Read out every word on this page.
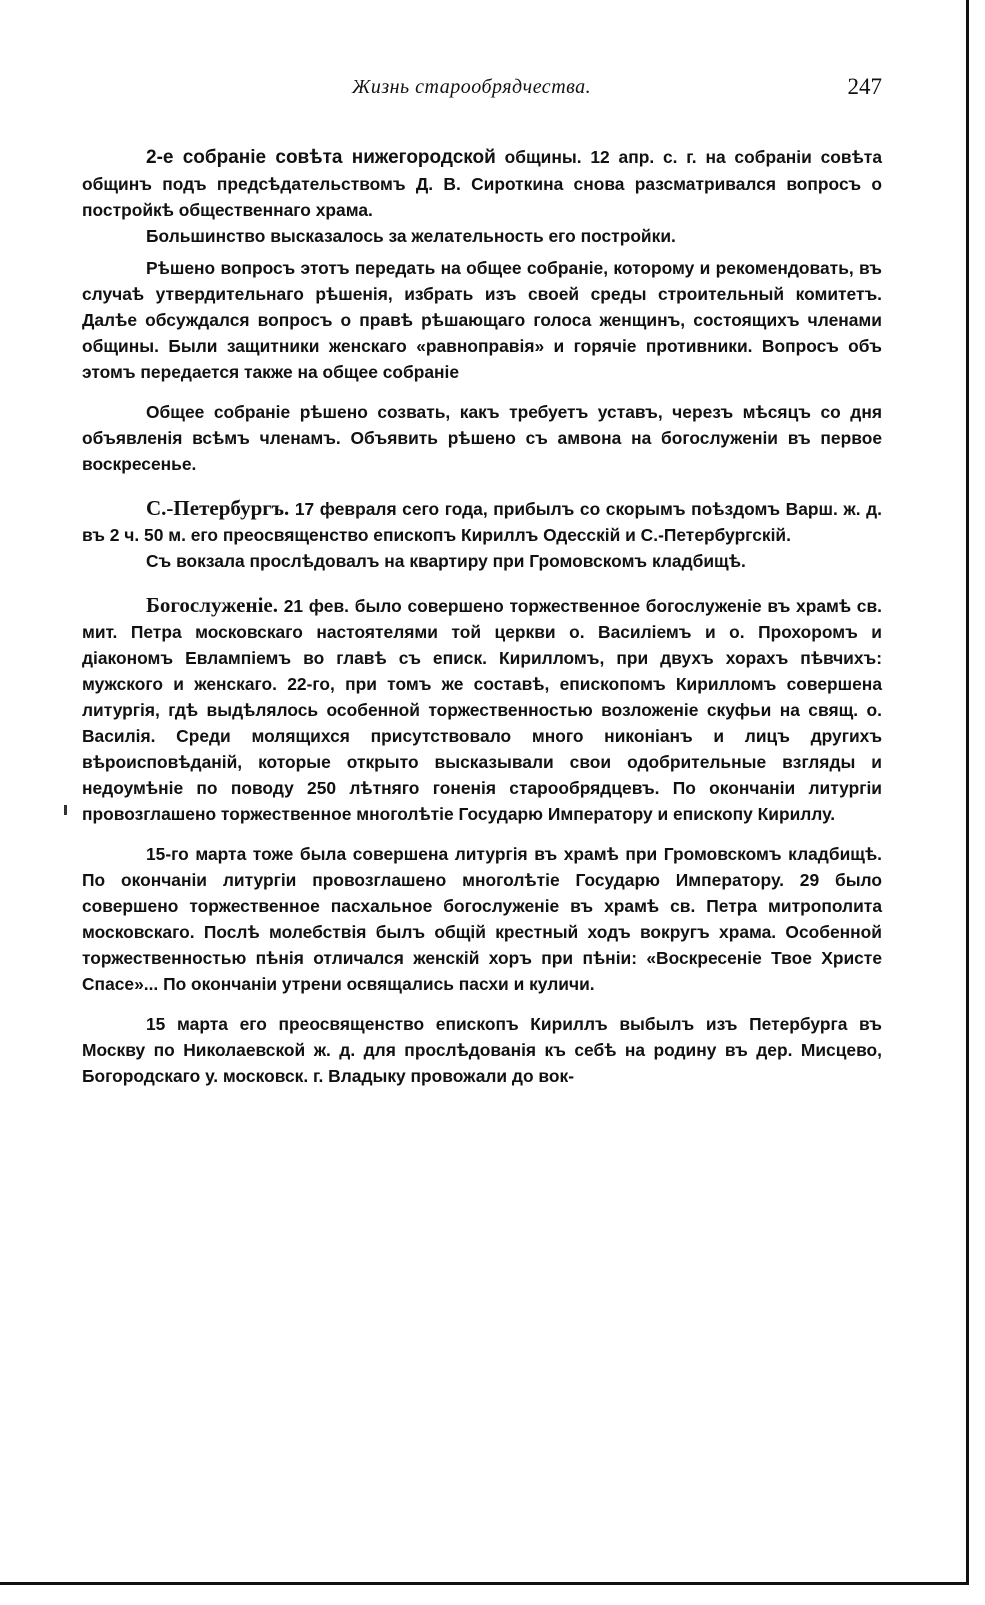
Жизнь старообрядчества.	247

2-е собраніе совѣта нижегородской общины. 12 апр. с. г. на собраніи совѣта общинъ подъ предсѣдательствомъ Д. В. Сироткина снова разсматривался вопросъ о постройкѣ общественнаго храма.

Большинство высказалось за желательность его постройки.

Рѣшено вопросъ этотъ передать на общее собраніе, которому и рекомендовать, въ случаѣ утвердительнаго рѣшенія, избрать изъ своей среды строительный комитетъ. Далѣе обсуждался вопросъ о правѣ рѣшающаго голоса женщинъ, состоящихъ членами общины. Были защитники женскаго «равноправія» и горячіе противники. Вопросъ объ этомъ передается также на общее собраніе

Общее собраніе рѣшено созвать, какъ требуетъ уставъ, черезъ мѣсяцъ со дня объявленія всѣмъ членамъ. Объявить рѣшено съ амвона на богослуженіи въ первое воскресенье.

С.-Петербургъ. 17 февраля сего года, прибылъ со скорымъ поѣздомъ Варш. ж. д. въ 2 ч. 50 м. его преосвященство епископъ Кириллъ Одесскій и С.-Петербургскій.

Съ вокзала прослѣдовалъ на квартиру при Громовскомъ кладбищѣ.

Богослуженіе. 21 фев. было совершено торжественное богослуженіе въ храмѣ св. мит. Петра московскаго настоятелями той церкви о. Василіемъ и о. Прохоромъ и діакономъ Евлампіемъ во главѣ съ еписк. Кирилломъ, при двухъ хорахъ пѣвчихъ: мужского и женскаго. 22-го, при томъ же составѣ, епископомъ Кирилломъ совершена литургія, гдѣ выдѣлялось особенной торжественностью возложеніе скуфьи на свящ. о. Василія. Среди молящихся присутствовало много никоніанъ и лицъ другихъ вѣроисповѣданій, которые открыто высказывали свои одобрительные взгляды и недоумѣніе по поводу 250 лѣтняго гоненія старообрядцевъ. По окончаніи литургіи провозглашено торжественное многолѣтіе Государю Императору и епископу Кириллу.

15-го марта тоже была совершена литургія въ храмѣ при Громовскомъ кладбищѣ. По окончаніи литургіи провозглашено многолѣтіе Государю Императору. 29 было совершено торжественное пасхальное богослуженіе въ храмѣ св. Петра митрополита московскаго. Послѣ молебствія былъ общій крестный ходъ вокругъ храма. Особенной торжественностью пѣнія отличался женскій хоръ при пѣніи: «Воскресеніе Твое Христе Спасе»... По окончаніи утрени освящались пасхи и куличи.

15 марта его преосвященство епископъ Кириллъ выбылъ изъ Петербурга въ Москву по Николаевской ж. д. для прослѣдованія къ себѣ на родину въ дер. Мисцево, Богородскаго у. московск. г. Владыку провожали до вок-
